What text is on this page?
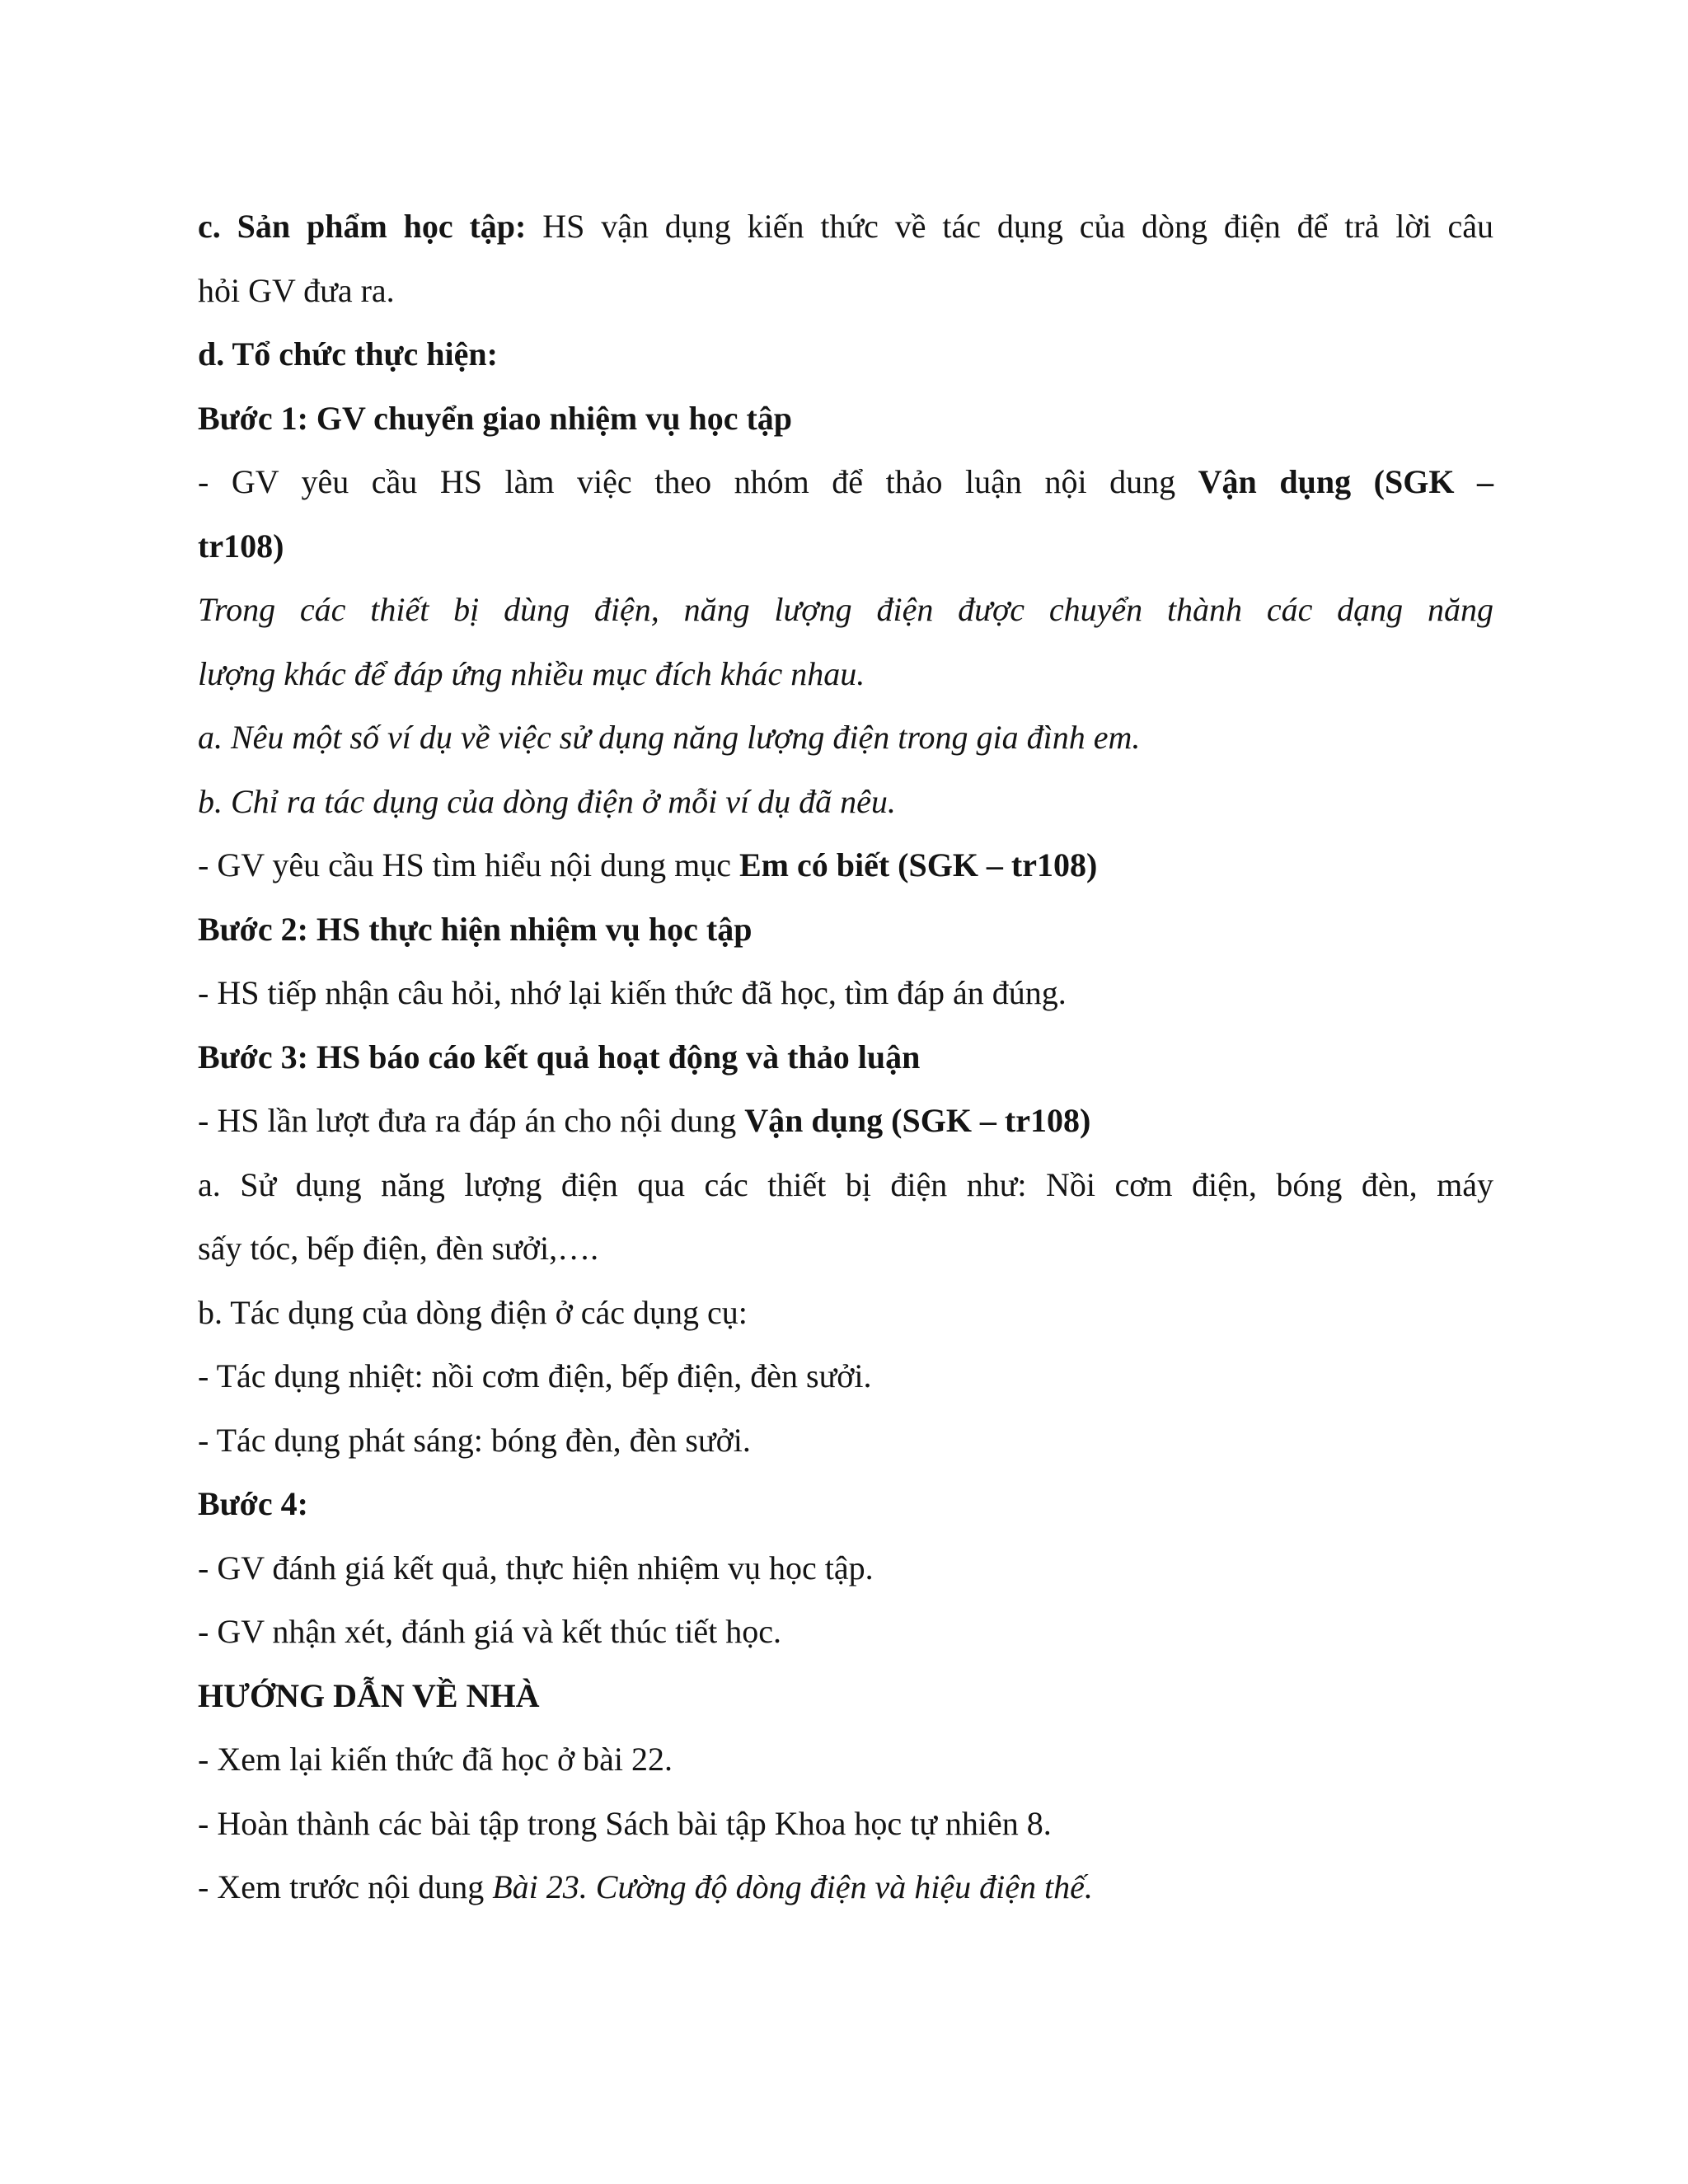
c. Sản phẩm học tập: HS vận dụng kiến thức về tác dụng của dòng điện để trả lời câu
hỏi GV đưa ra.
d. Tổ chức thực hiện:
Bước 1: GV chuyển giao nhiệm vụ học tập
- GV yêu cầu HS làm việc theo nhóm để thảo luận nội dung Vận dụng (SGK –
tr108)
Trong các thiết bị dùng điện, năng lượng điện được chuyển thành các dạng năng
lượng khác để đáp ứng nhiều mục đích khác nhau.
a. Nêu một số ví dụ về việc sử dụng năng lượng điện trong gia đình em.
b. Chỉ ra tác dụng của dòng điện ở mỗi ví dụ đã nêu.
- GV yêu cầu HS tìm hiểu nội dung mục Em có biết (SGK – tr108)
Bước 2: HS thực hiện nhiệm vụ học tập
- HS tiếp nhận câu hỏi, nhớ lại kiến thức đã học, tìm đáp án đúng.
Bước 3: HS báo cáo kết quả hoạt động và thảo luận
- HS lần lượt đưa ra đáp án cho nội dung Vận dụng (SGK – tr108)
a. Sử dụng năng lượng điện qua các thiết bị điện như: Nồi cơm điện, bóng đèn, máy
sấy tóc, bếp điện, đèn sưởi,….
b. Tác dụng của dòng điện ở các dụng cụ:
- Tác dụng nhiệt: nồi cơm điện, bếp điện, đèn sưởi.
- Tác dụng phát sáng: bóng đèn, đèn sưởi.
Bước 4:
- GV đánh giá kết quả, thực hiện nhiệm vụ học tập.
- GV nhận xét, đánh giá và kết thúc tiết học.
HƯỚNG DẪN VỀ NHÀ
- Xem lại kiến thức đã học ở bài 22.
- Hoàn thành các bài tập trong Sách bài tập Khoa học tự nhiên 8.
- Xem trước nội dung Bài 23. Cường độ dòng điện và hiệu điện thế.
